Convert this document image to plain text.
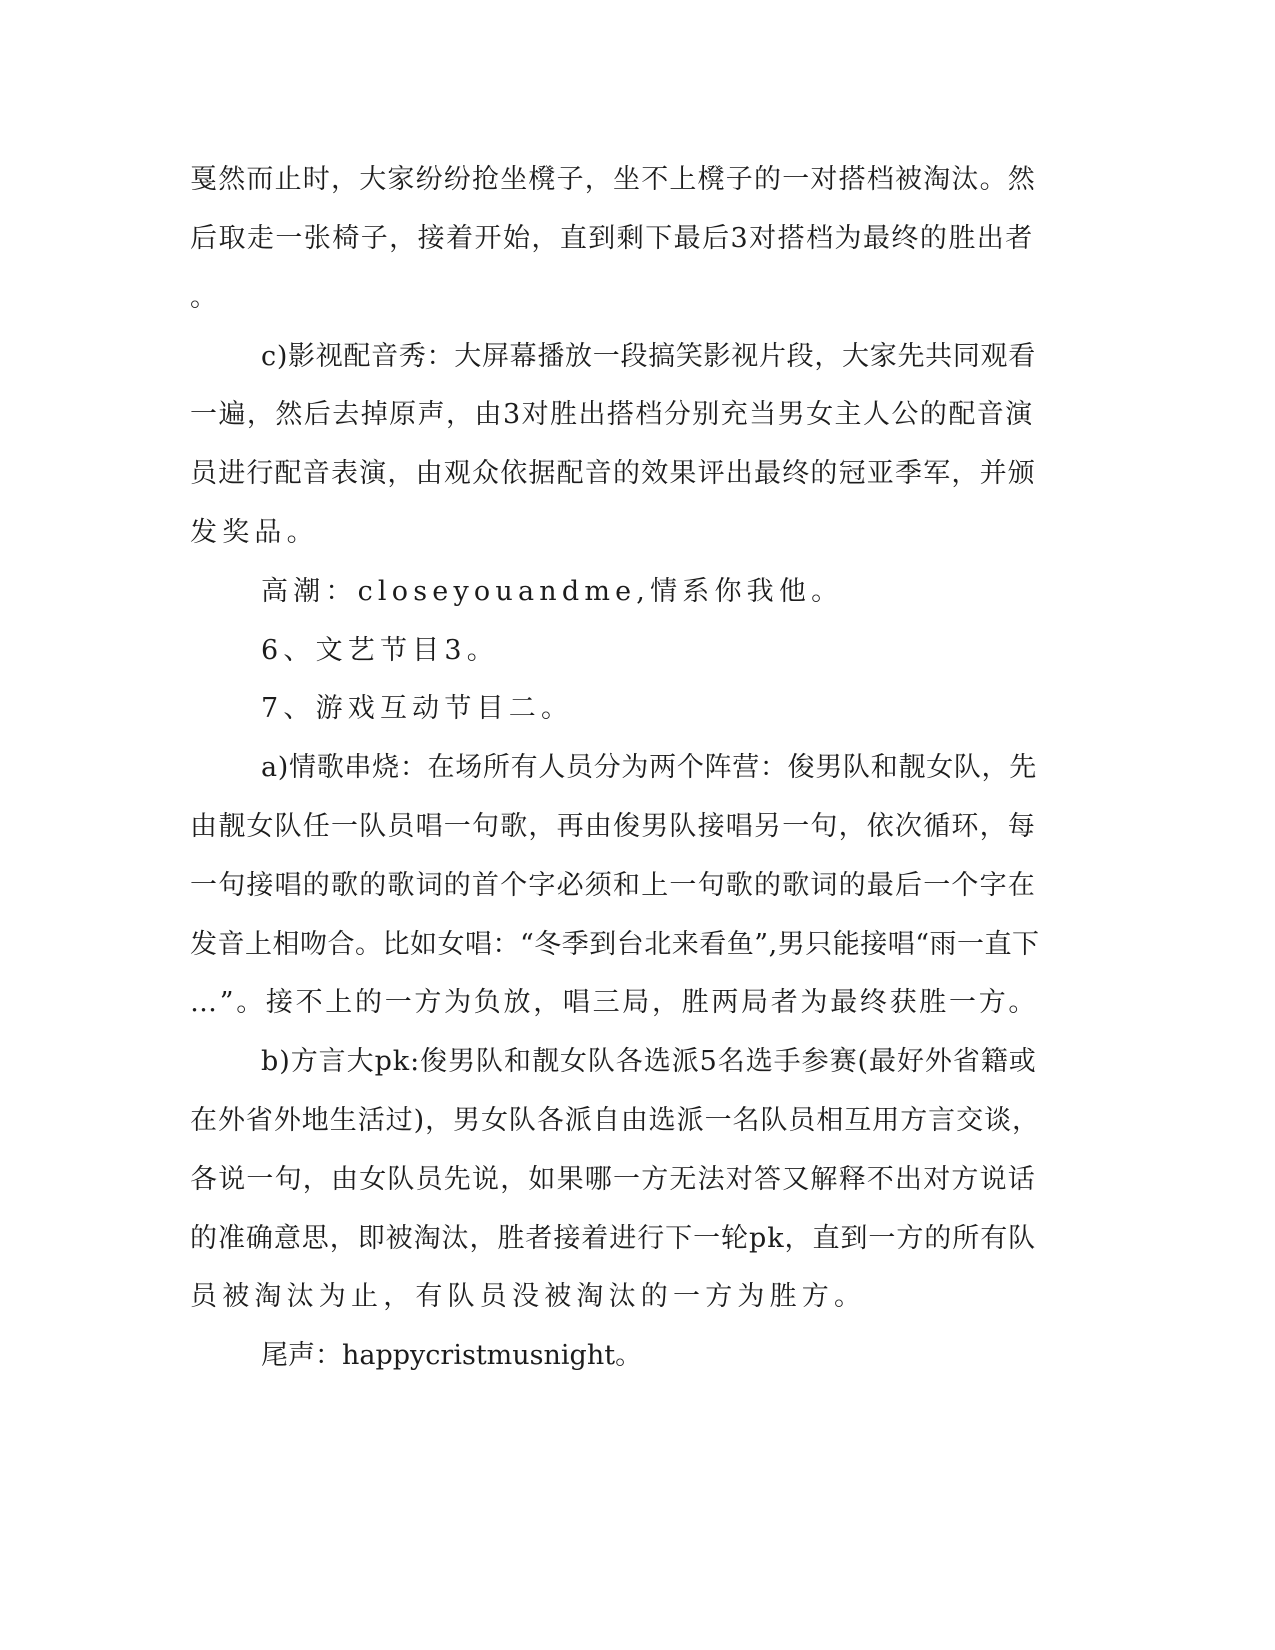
戛然而止时，大家纷纷抢坐櫈子，坐不上櫈子的一对搭档被淘汰。然

后取走一张椅子，接着开始，直到剩下最后3对搭档为最终的胜出者

。

c)影视配音秀：大屏幕播放一段搞笑影视片段，大家先共同观看

一遍，然后去掉原声，由3对胜出搭档分别充当男女主人公的配音演

员进行配音表演，由观众依据配音的效果评出最终的冠亚季军，并颁

发奖品。

高潮：closeyouandme,情系你我他。

6、文艺节目3。

7、游戏互动节目二。

a)情歌串烧：在场所有人员分为两个阵营：俊男队和靓女队，先

由靓女队任一队员唱一句歌，再由俊男队接唱另一句，依次循环，每

一句接唱的歌的歌词的首个字必须和上一句歌的歌词的最后一个字在

发音上相吻合。比如女唱：“冬季到台北来看鱼”,男只能接唱“雨一直下

…”。接不上的一方为负放，唱三局，胜两局者为最终获胜一方。

b)方言大pk:俊男队和靓女队各选派5名选手参赛(最好外省籍或

在外省外地生活过)，男女队各派自由选派一名队员相互用方言交谈，

各说一句，由女队员先说，如果哪一方无法对答又解释不出对方说话

的准确意思，即被淘汰，胜者接着进行下一轮pk，直到一方的所有队

员被淘汰为止，有队员没被淘汰的一方为胜方。

尾声：happycristmusnight。
